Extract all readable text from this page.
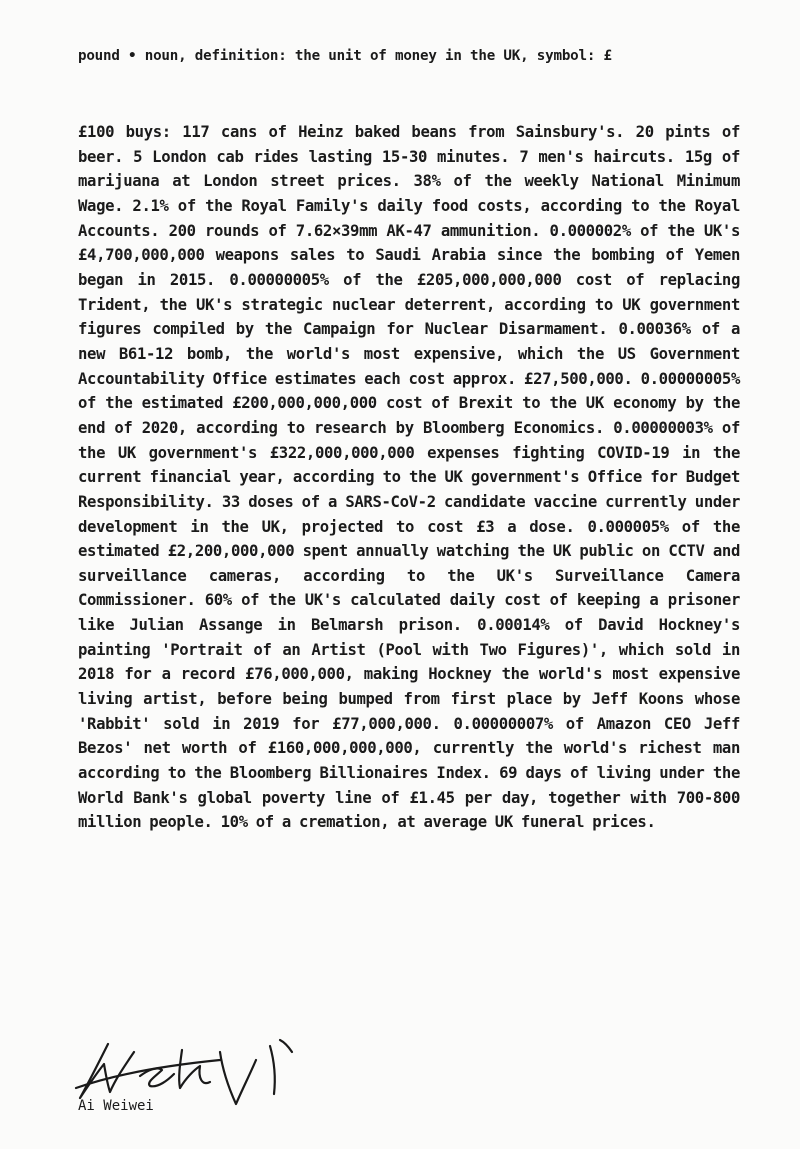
pound • noun, definition: the unit of money in the UK, symbol: £

£100 buys: 117 cans of Heinz baked beans from Sainsbury's. 20 pints of beer. 5 London cab rides lasting 15-30 minutes. 7 men's haircuts. 15g of marijuana at London street prices. 38% of the weekly National Minimum Wage. 2.1% of the Royal Family's daily food costs, according to the Royal Accounts. 200 rounds of 7.62×39mm AK-47 ammunition. 0.000002% of the UK's £4,700,000,000 weapons sales to Saudi Arabia since the bombing of Yemen began in 2015. 0.00000005% of the £205,000,000,000 cost of replacing Trident, the UK's strategic nuclear deterrent, according to UK government figures compiled by the Campaign for Nuclear Disarmament. 0.00036% of a new B61-12 bomb, the world's most expensive, which the US Government Accountability Office estimates each cost approx. £27,500,000. 0.00000005% of the estimated £200,000,000,000 cost of Brexit to the UK economy by the end of 2020, according to research by Bloomberg Economics. 0.00000003% of the UK government's £322,000,000,000 expenses fighting COVID-19 in the current financial year, according to the UK government's Office for Budget Responsibility. 33 doses of a SARS-CoV-2 candidate vaccine currently under development in the UK, projected to cost £3 a dose. 0.000005% of the estimated £2,200,000,000 spent annually watching the UK public on CCTV and surveillance cameras, according to the UK's Surveillance Camera Commissioner. 60% of the UK's calculated daily cost of keeping a prisoner like Julian Assange in Belmarsh prison. 0.00014% of David Hockney's painting 'Portrait of an Artist (Pool with Two Figures)', which sold in 2018 for a record £76,000,000, making Hockney the world's most expensive living artist, before being bumped from first place by Jeff Koons whose 'Rabbit' sold in 2019 for £77,000,000. 0.00000007% of Amazon CEO Jeff Bezos' net worth of £160,000,000,000, currently the world's richest man according to the Bloomberg Billionaires Index. 69 days of living under the World Bank's global poverty line of £1.45 per day, together with 700-800 million people. 10% of a cremation, at average UK funeral prices.

Ai Weiwei
